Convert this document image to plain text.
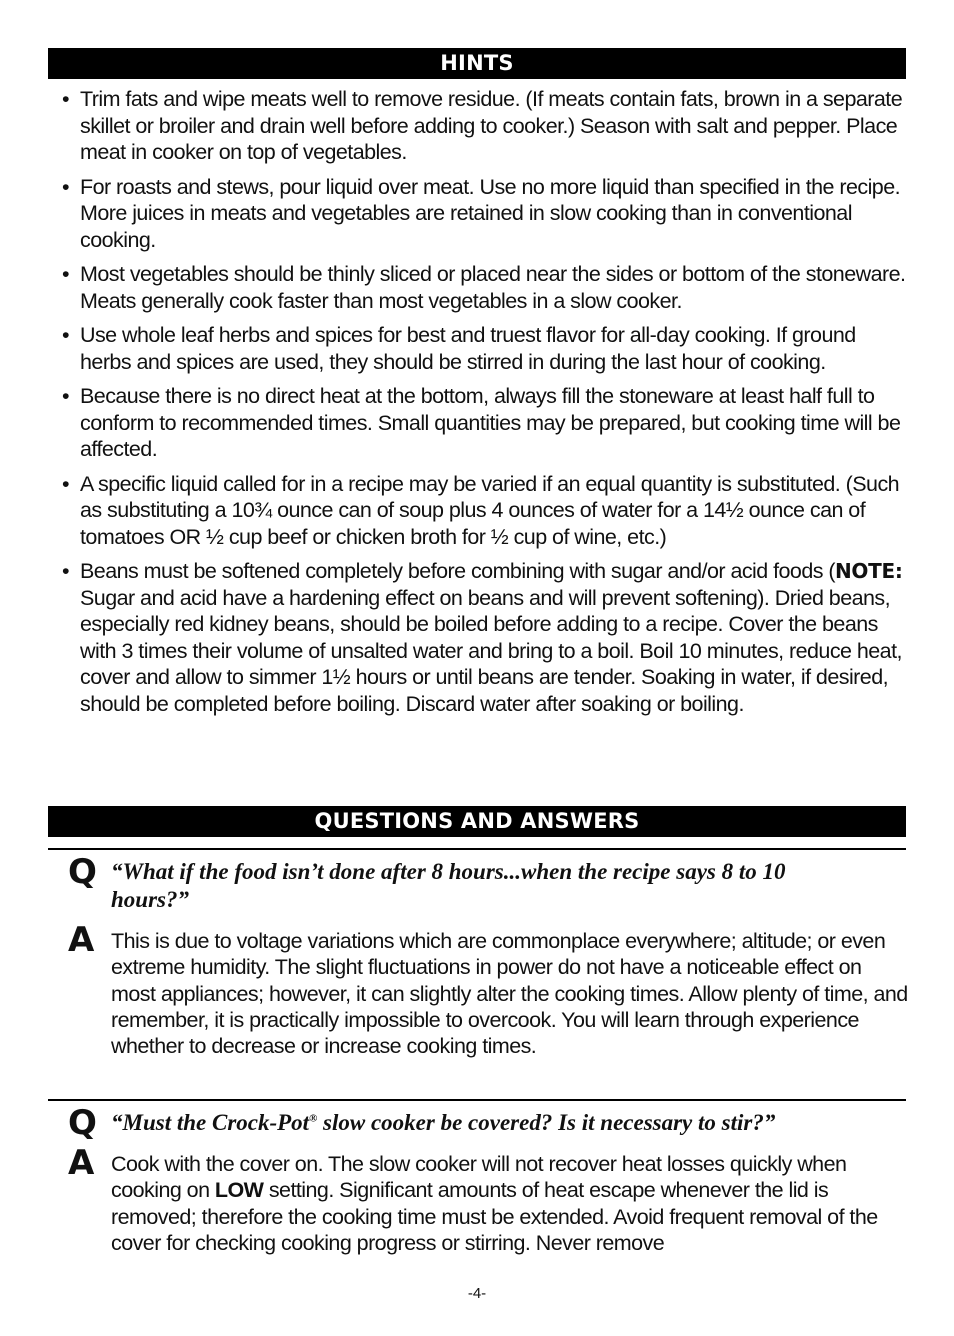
HINTS
• Trim fats and wipe meats well to remove residue. (If meats contain fats, brown in a separate skillet or broiler and drain well before adding to cooker.) Season with salt and pepper. Place meat in cooker on top of vegetables.
• For roasts and stews, pour liquid over meat. Use no more liquid than specified in the recipe. More juices in meats and vegetables are retained in slow cooking than in conventional cooking.
• Most vegetables should be thinly sliced or placed near the sides or bottom of the stoneware. Meats generally cook faster than most vegetables in a slow cooker.
• Use whole leaf herbs and spices for best and truest flavor for all-day cooking. If ground herbs and spices are used, they should be stirred in during the last hour of cooking.
• Because there is no direct heat at the bottom, always fill the stoneware at least half full to conform to recommended times. Small quantities may be prepared, but cooking time will be affected.
• A specific liquid called for in a recipe may be varied if an equal quantity is substituted. (Such as substituting a 10¾ ounce can of soup plus 4 ounces of water for a 14½ ounce can of tomatoes OR ½ cup beef or chicken broth for ½ cup of wine, etc.)
• Beans must be softened completely before combining with sugar and/or acid foods (NOTE: Sugar and acid have a hardening effect on beans and will prevent softening). Dried beans, especially red kidney beans, should be boiled before adding to a recipe. Cover the beans with 3 times their volume of unsalted water and bring to a boil. Boil 10 minutes, reduce heat, cover and allow to simmer 1½ hours or until beans are tender. Soaking in water, if desired, should be completed before boiling. Discard water after soaking or boiling.
QUESTIONS AND ANSWERS
Q “What if the food isn’t done after 8 hours...when the recipe says 8 to 10 hours?”
A This is due to voltage variations which are commonplace everywhere; altitude; or even extreme humidity. The slight fluctuations in power do not have a noticeable effect on most appliances; however, it can slightly alter the cooking times. Allow plenty of time, and remember, it is practically impossible to overcook. You will learn through experience whether to decrease or increase cooking times.
Q “Must the Crock-Pot® slow cooker be covered? Is it necessary to stir?”
A Cook with the cover on. The slow cooker will not recover heat losses quickly when cooking on LOW setting. Significant amounts of heat escape whenever the lid is removed; therefore the cooking time must be extended. Avoid frequent removal of the cover for checking cooking progress or stirring. Never remove
-4-
